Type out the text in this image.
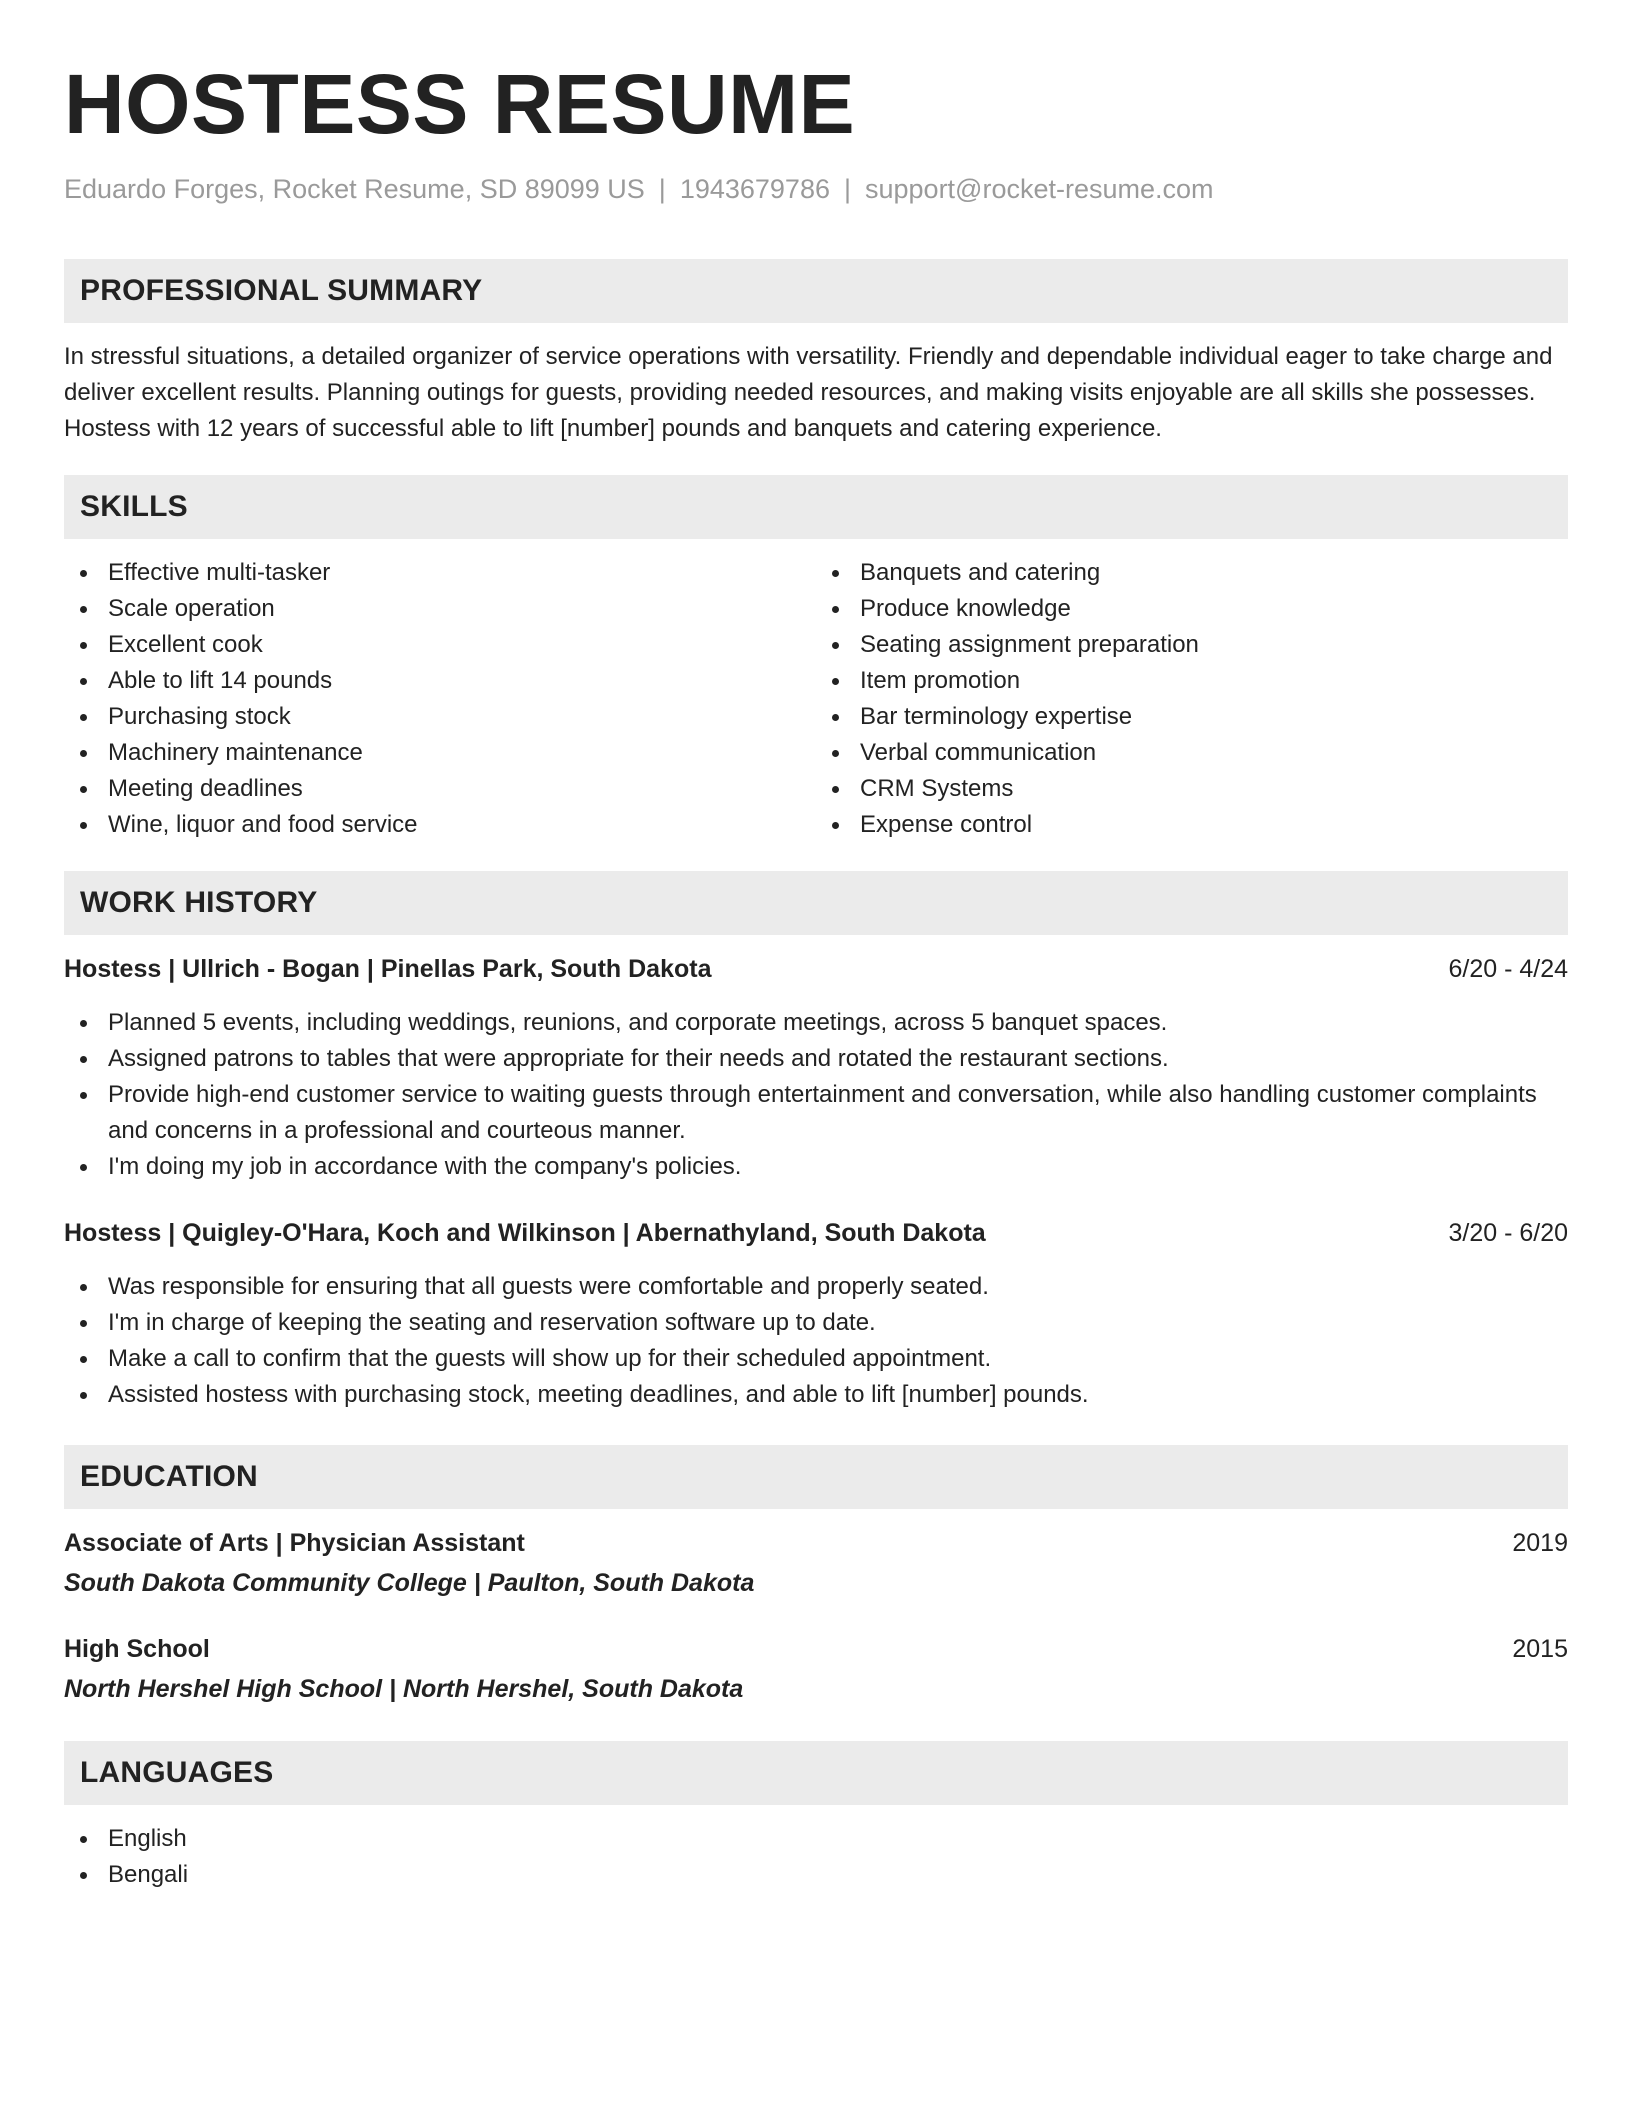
HOSTESS RESUME
Eduardo Forges, Rocket Resume, SD 89099 US | 1943679786 | support@rocket-resume.com
PROFESSIONAL SUMMARY

In stressful situations, a detailed organizer of service operations with versatility. Friendly and dependable individual eager to take charge and deliver excellent results. Planning outings for guests, providing needed resources, and making visits enjoyable are all skills she possesses. Hostess with 12 years of successful able to lift [number] pounds and banquets and catering experience.

SKILLS
Effective multi-tasker
Scale operation
Excellent cook
Able to lift 14 pounds
Purchasing stock
Machinery maintenance
Meeting deadlines
Wine, liquor and food service
Banquets and catering
Produce knowledge
Seating assignment preparation
Item promotion
Bar terminology expertise
Verbal communication
CRM Systems
Expense control
WORK HISTORY
Hostess | Ullrich - Bogan | Pinellas Park, South Dakota	6/20 - 4/24
Planned 5 events, including weddings, reunions, and corporate meetings, across 5 banquet spaces.
Assigned patrons to tables that were appropriate for their needs and rotated the restaurant sections.
Provide high-end customer service to waiting guests through entertainment and conversation, while also handling customer complaints and concerns in a professional and courteous manner.
I'm doing my job in accordance with the company's policies.
Hostess | Quigley-O'Hara, Koch and Wilkinson | Abernathyland, South Dakota	3/20 - 6/20
Was responsible for ensuring that all guests were comfortable and properly seated.
I'm in charge of keeping the seating and reservation software up to date.
Make a call to confirm that the guests will show up for their scheduled appointment.
Assisted hostess with purchasing stock, meeting deadlines, and able to lift [number] pounds.
EDUCATION
Associate of Arts | Physician Assistant	2019
South Dakota Community College | Paulton, South Dakota
High School	2015
North Hershel High School | North Hershel, South Dakota
LANGUAGES
English
Bengali
